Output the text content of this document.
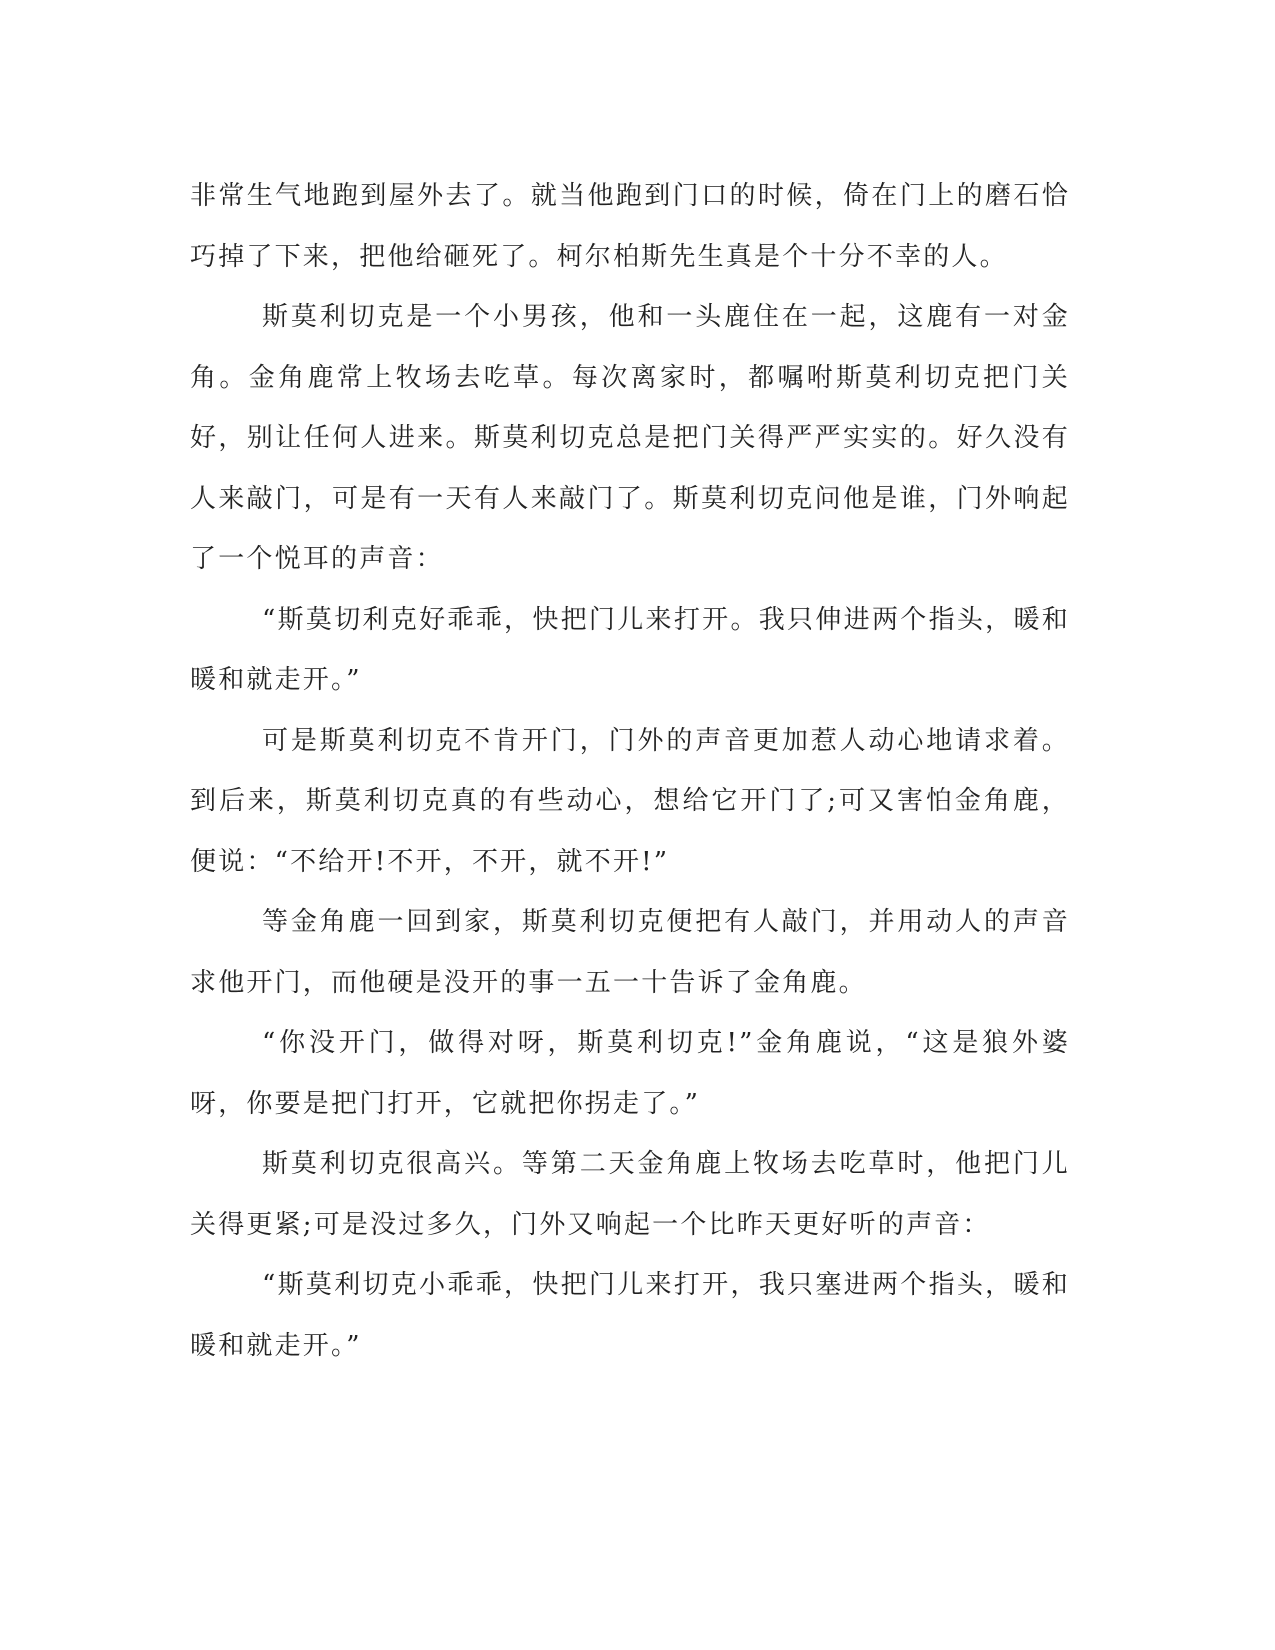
非常生气地跑到屋外去了。就当他跑到门口的时候，倚在门上的磨石恰巧掉了下来，把他给砸死了。柯尔柏斯先生真是个十分不幸的人。

斯莫利切克是一个小男孩，他和一头鹿住在一起，这鹿有一对金角。金角鹿常上牧场去吃草。每次离家时，都嘱咐斯莫利切克把门关好，别让任何人进来。斯莫利切克总是把门关得严严实实的。好久没有人来敲门，可是有一天有人来敲门了。斯莫利切克问他是谁，门外响起了一个悦耳的声音：

“斯莫切利克好乖乖，快把门儿来打开。我只伸进两个指头，暖和暖和就走开。”

可是斯莫利切克不肯开门，门外的声音更加惹人动心地请求着。到后来，斯莫利切克真的有些动心，想给它开门了;可又害怕金角鹿，便说：“不给开!不开，不开，就不开!”

等金角鹿一回到家，斯莫利切克便把有人敲门，并用动人的声音求他开门，而他硬是没开的事一五一十告诉了金角鹿。

“你没开门，做得对呀，斯莫利切克!”金角鹿说，“这是狼外婆呀，你要是把门打开，它就把你拐走了。”

斯莫利切克很高兴。等第二天金角鹿上牧场去吃草时，他把门儿关得更紧;可是没过多久，门外又响起一个比昨天更好听的声音：

“斯莫利切克小乖乖，快把门儿来打开，我只塞进两个指头，暖和暖和就走开。”
